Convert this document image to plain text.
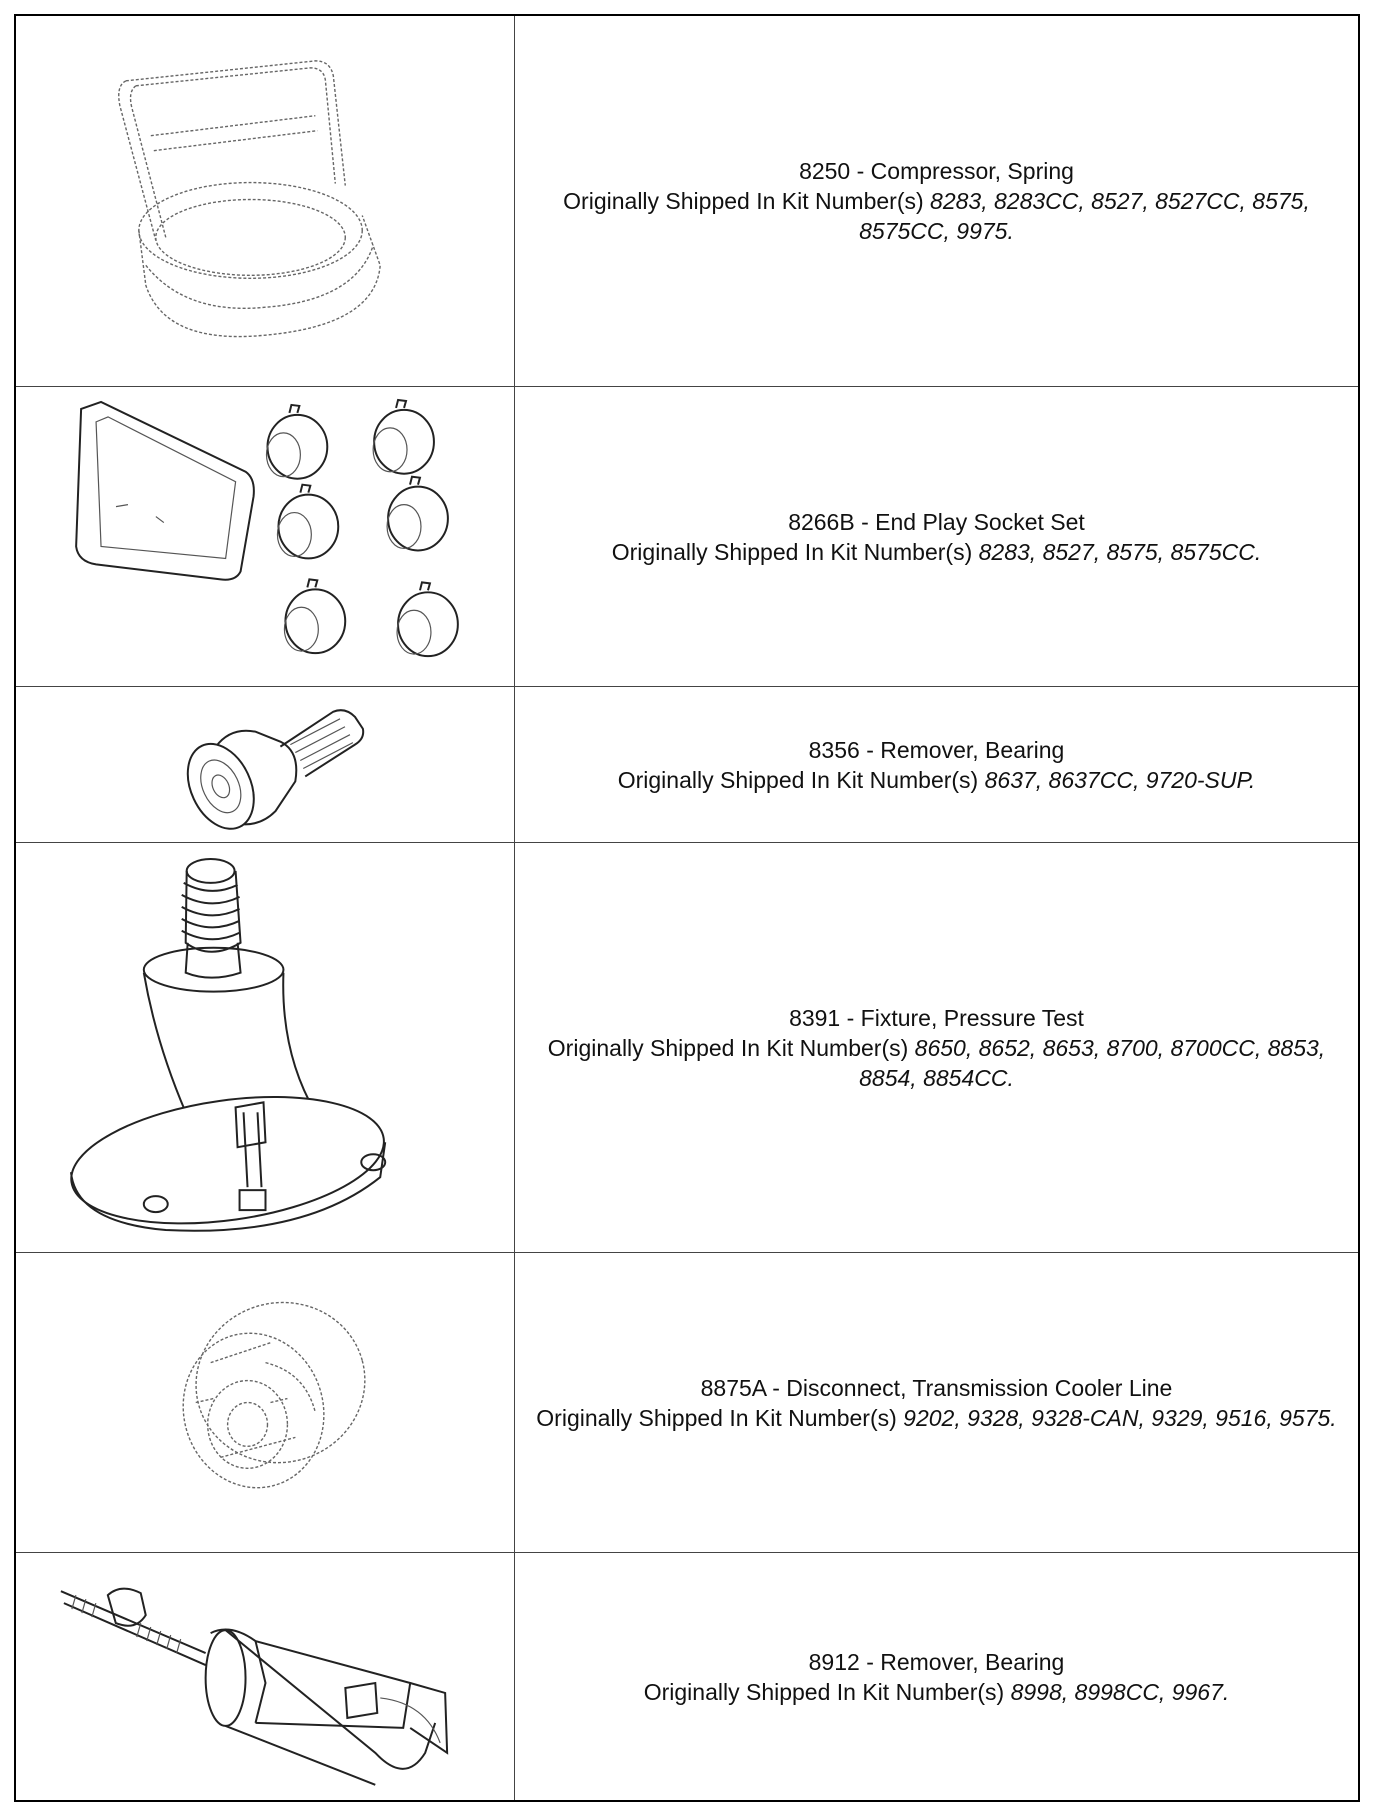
8250 - Compressor, Spring
Originally Shipped In Kit Number(s) 8283, 8283CC, 8527, 8527CC, 8575, 8575CC, 9975.
8266B - End Play Socket Set
Originally Shipped In Kit Number(s) 8283, 8527, 8575, 8575CC.
8356 - Remover, Bearing
Originally Shipped In Kit Number(s) 8637, 8637CC, 9720-SUP.
8391 - Fixture, Pressure Test
Originally Shipped In Kit Number(s) 8650, 8652, 8653, 8700, 8700CC, 8853, 8854, 8854CC.
8875A - Disconnect, Transmission Cooler Line
Originally Shipped In Kit Number(s) 9202, 9328, 9328-CAN, 9329, 9516, 9575.
8912 - Remover, Bearing
Originally Shipped In Kit Number(s) 8998, 8998CC, 9967.
